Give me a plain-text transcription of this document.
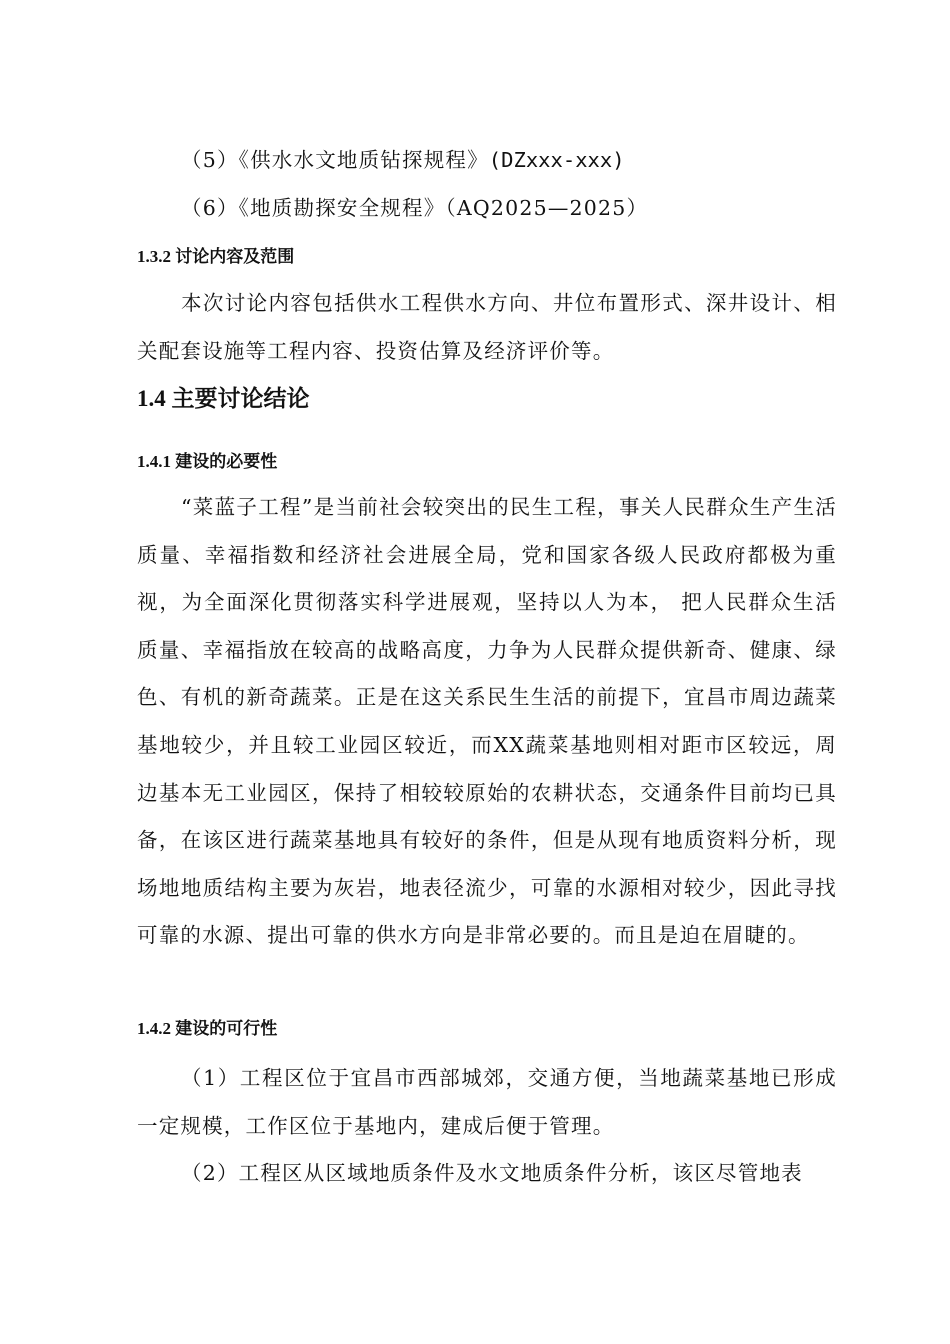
（5）《供水水文地质钻探规程》(DZxxx-xxx)
（6）《地质勘探安全规程》（AQ2025—2025）
1.3.2 讨论内容及范围

本次讨论内容包括供水工程供水方向、井位布置形式、深井设计、相关配套设施等工程内容、投资估算及经济评价等。

1.4 主要讨论结论
1.4.1 建设的必要性

“菜蓝子工程”是当前社会较突出的民生工程，事关人民群众生产生活质量、幸福指数和经济社会进展全局，党和国家各级人民政府都极为重视，为全面深化贯彻落实科学进展观，坚持以人为本， 把人民群众生活质量、幸福指放在较高的战略高度，力争为人民群众提供新奇、健康、绿色、有机的新奇蔬菜。正是在这关系民生生活的前提下，宜昌市周边蔬菜基地较少，并且较工业园区较近，而XX蔬菜基地则相对距市区较远，周边基本无工业园区，保持了相较较原始的农耕状态，交通条件目前均已具备，在该区进行蔬菜基地具有较好的条件，但是从现有地质资料分析，现场地地质结构主要为灰岩，地表径流少，可靠的水源相对较少，因此寻找可靠的水源、提出可靠的供水方向是非常必要的。而且是迫在眉睫的。

1.4.2 建设的可行性

（1）工程区位于宜昌市西部城郊，交通方便，当地蔬菜基地已形成一定规模，工作区位于基地内，建成后便于管理。

（2）工程区从区域地质条件及水文地质条件分析，该区尽管地表
